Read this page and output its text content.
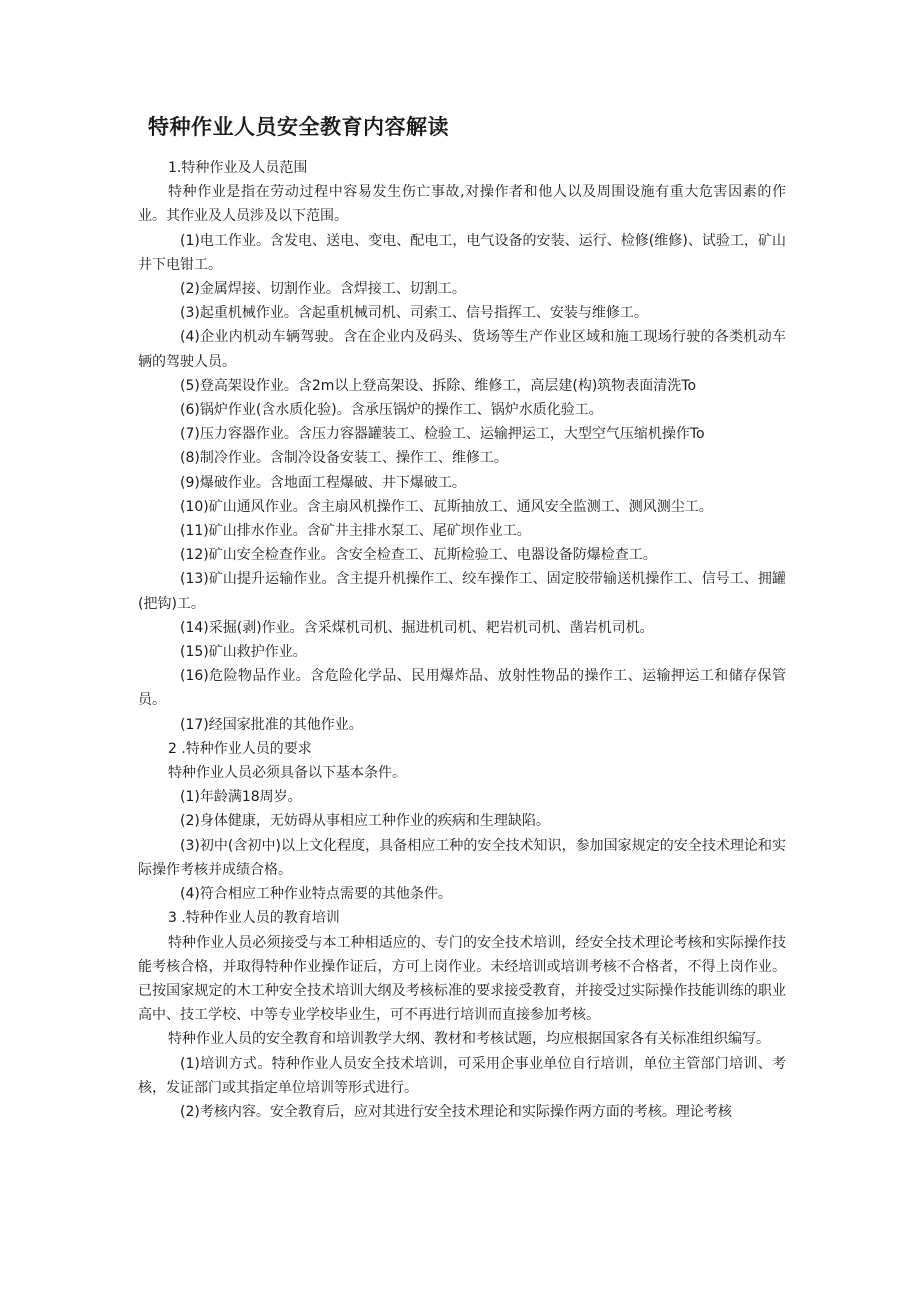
特种作业人员安全教育内容解读

1.特种作业及人员范围

特种作业是指在劳动过程中容易发生伤亡事故,对操作者和他人以及周围设施有重大危害因素的作业。其作业及人员涉及以下范围。

(1)电工作业。含发电、送电、变电、配电工，电气设备的安装、运行、检修(维修)、试验工，矿山井下电钳工。

(2)金属焊接、切割作业。含焊接工、切割工。

(3)起重机械作业。含起重机械司机、司索工、信号指挥工、安装与维修工。

(4)企业内机动车辆驾驶。含在企业内及码头、货场等生产作业区域和施工现场行驶的各类机动车辆的驾驶人员。

(5)登高架设作业。含2m以上登高架设、拆除、维修工，高层建(构)筑物表面清洗To

(6)锅炉作业(含水质化验)。含承压锅炉的操作工、锅炉水质化验工。

(7)压力容器作业。含压力容器罐装工、检验工、运输押运工，大型空气压缩机操作To

(8)制冷作业。含制冷设备安装工、操作工、维修工。

(9)爆破作业。含地面工程爆破、井下爆破工。

(10)矿山通风作业。含主扇风机操作工、瓦斯抽放工、通风安全监测工、测风测尘工。

(11)矿山排水作业。含矿井主排水泵工、尾矿坝作业工。

(12)矿山安全检查作业。含安全检查工、瓦斯检验工、电器设备防爆检查工。

(13)矿山提升运输作业。含主提升机操作工、绞车操作工、固定胶带输送机操作工、信号工、拥罐(把钩)工。

(14)采掘(剥)作业。含采煤机司机、掘进机司机、耙岩机司机、凿岩机司机。

(15)矿山救护作业。

(16)危险物品作业。含危险化学品、民用爆炸品、放射性物品的操作工、运输押运工和储存保管员。

(17)经国家批准的其他作业。

2 .特种作业人员的要求

特种作业人员必须具备以下基本条件。

(1)年龄满18周岁。

(2)身体健康，无妨碍从事相应工种作业的疾病和生理缺陷。

(3)初中(含初中)以上文化程度，具备相应工种的安全技术知识，参加国家规定的安全技术理论和实际操作考核并成绩合格。

(4)符合相应工种作业特点需要的其他条件。

3 .特种作业人员的教育培训

特种作业人员必须接受与本工种相适应的、专门的安全技术培训，经安全技术理论考核和实际操作技能考核合格，并取得特种作业操作证后，方可上岗作业。未经培训或培训考核不合格者，不得上岗作业。已按国家规定的木工种安全技术培训大纲及考核标准的要求接受教育，并接受过实际操作技能训练的职业高中、技工学校、中等专业学校毕业生，可不再进行培训而直接参加考核。

特种作业人员的安全教育和培训教学大纲、教材和考核试题，均应根据国家各有关标准组织编写。

(1)培训方式。特种作业人员安全技术培训，可采用企事业单位自行培训，单位主管部门培训、考核，发证部门或其指定单位培训等形式进行。

(2)考核内容。安全教育后，应对其进行安全技术理论和实际操作两方面的考核。理论考核
